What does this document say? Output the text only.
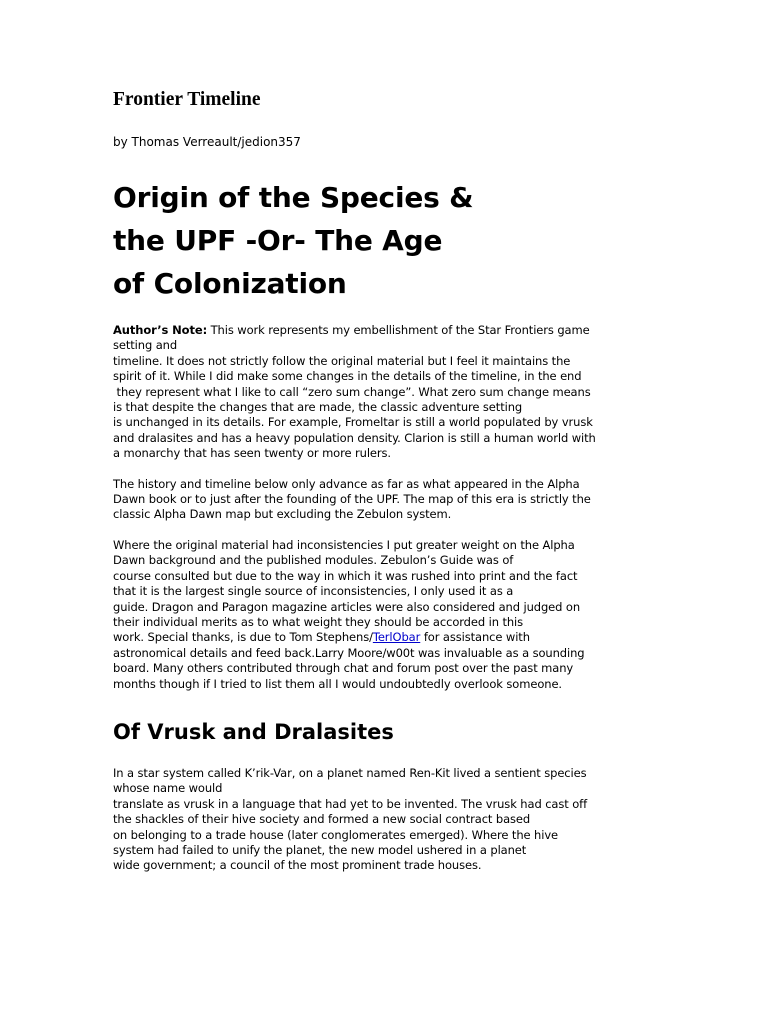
Frontier Timeline

by Thomas Verreault/jedion357

Origin of the Species &
the UPF -Or- The Age
of Colonization

Author’s Note: This work represents my embellishment of the Star Frontiers game
setting and
timeline. It does not strictly follow the original material but I feel it maintains the
spirit of it. While I did make some changes in the details of the timeline, in the end
they represent what I like to call “zero sum change”. What zero sum change means
is that despite the changes that are made, the classic adventure setting
is unchanged in its details. For example, Fromeltar is still a world populated by vrusk
and dralasites and has a heavy population density. Clarion is still a human world with
a monarchy that has seen twenty or more rulers.

The history and timeline below only advance as far as what appeared in the Alpha
Dawn book or to just after the founding of the UPF. The map of this era is strictly the
classic Alpha Dawn map but excluding the Zebulon system.

Where the original material had inconsistencies I put greater weight on the Alpha
Dawn background and the published modules. Zebulon’s Guide was of
course consulted but due to the way in which it was rushed into print and the fact
that it is the largest single source of inconsistencies, I only used it as a
guide. Dragon and Paragon magazine articles were also considered and judged on
their individual merits as to what weight they should be accorded in this
work. Special thanks, is due to Tom Stephens/TerlObar for assistance with
astronomical details and feed back.Larry Moore/w00t was invaluable as a sounding
board. Many others contributed through chat and forum post over the past many
months though if I tried to list them all I would undoubtedly overlook someone.

Of Vrusk and Dralasites

In a star system called K’rik-Var, on a planet named Ren-Kit lived a sentient species
whose name would
translate as vrusk in a language that had yet to be invented. The vrusk had cast off
the shackles of their hive society and formed a new social contract based
on belonging to a trade house (later conglomerates emerged). Where the hive
system had failed to unify the planet, the new model ushered in a planet
wide government; a council of the most prominent trade houses.
